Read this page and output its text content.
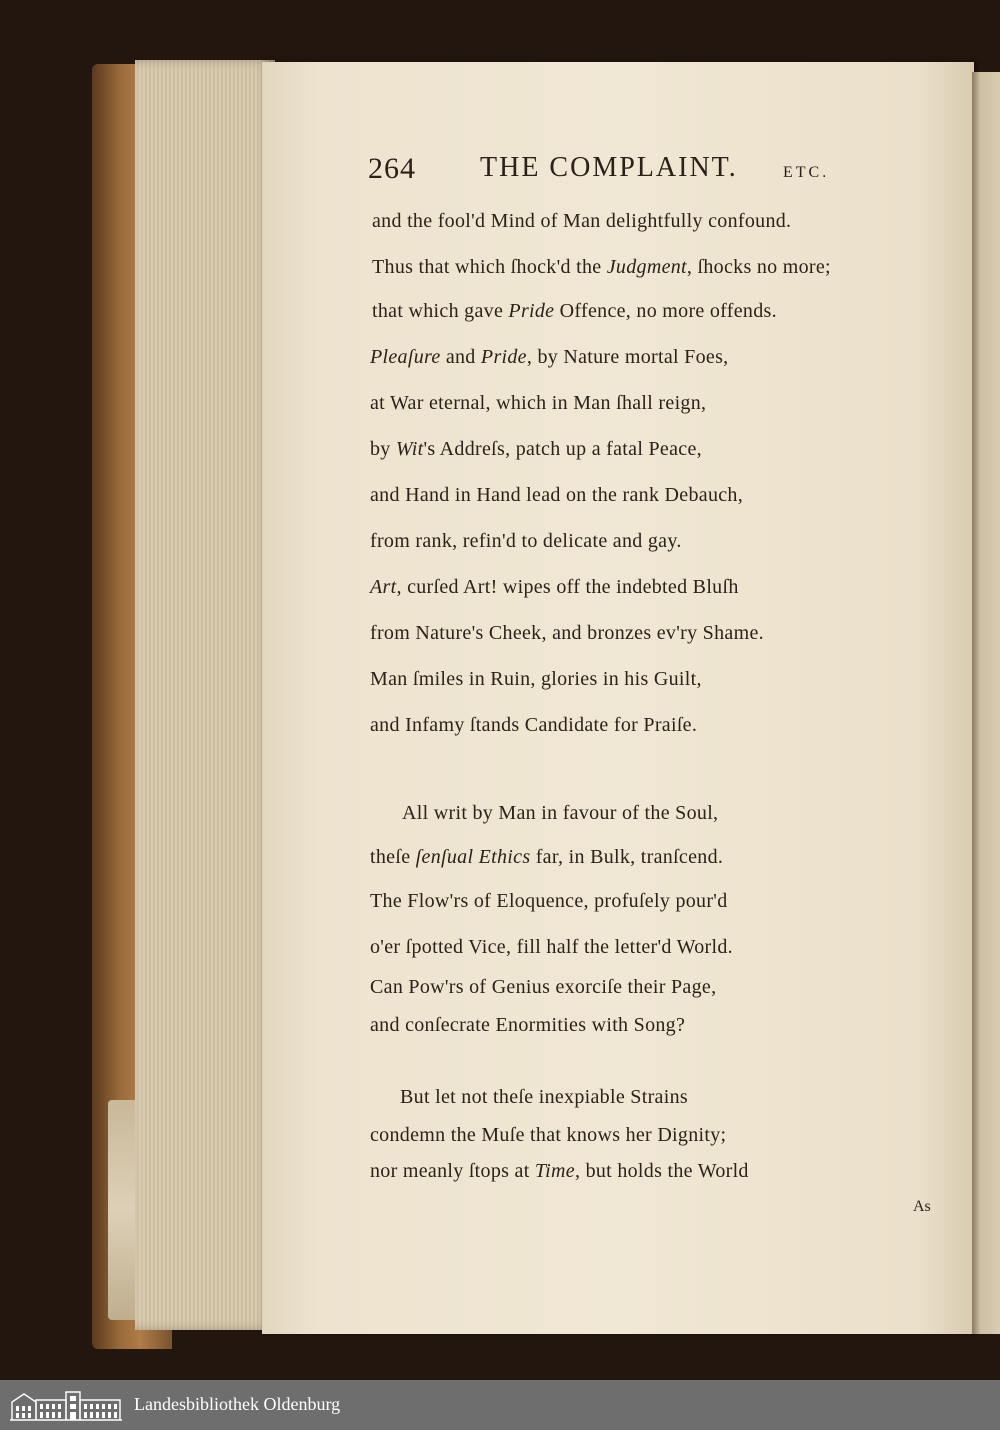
264 THE COMPLAINT.	ETC.
and the fool'd Mind of Man delightfully confound.
Thus that which ſhock'd the Judgment, ſhocks no more;
that which gave Pride Offence, no more offends.
Pleaſure and Pride, by Nature mortal Foes,
at War eternal, which in Man ſhall reign,
by Wit's Addreſs, patch up a fatal Peace,
and Hand in Hand lead on the rank Debauch,
from rank, refin'd to delicate and gay.
Art, curſed Art! wipes off the indebted Bluſh
from Nature's Cheek, and bronzes ev'ry Shame.
Man ſmiles in Ruin, glories in his Guilt,
and Infamy ſtands Candidate for Praiſe.
All writ by Man in favour of the Soul,
theſe ſenſual Ethics far, in Bulk, tranſcend.
The Flow'rs of Eloquence, profuſely pour'd
o'er ſpotted Vice, fill half the letter'd World.
Can Pow'rs of Genius exorciſe their Page,
and conſecrate Enormities with Song?
But let not theſe inexpiable Strains
condemn the Muſe that knows her Dignity;
nor meanly ſtops at Time, but holds the World
As
Landesbibliothek Oldenburg
